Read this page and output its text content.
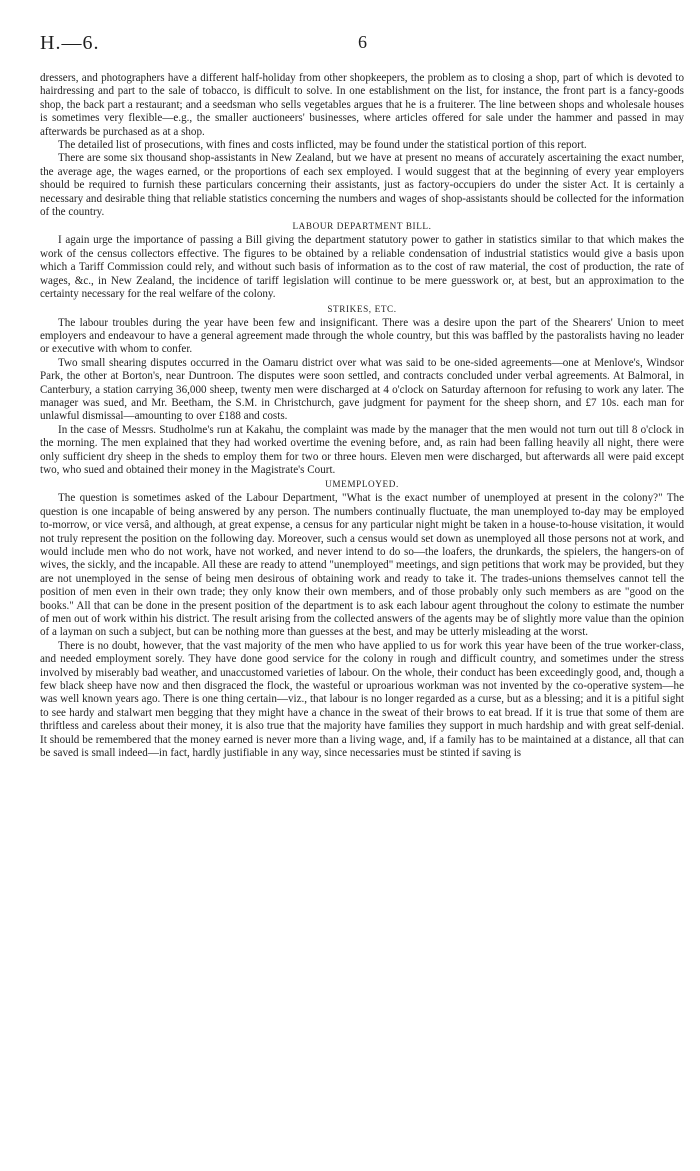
H.—6.	6

dressers, and photographers have a different half-holiday from other shopkeepers, the problem as to closing a shop, part of which is devoted to hairdressing and part to the sale of tobacco, is difficult to solve. In one establishment on the list, for instance, the front part is a fancy-goods shop, the back part a restaurant; and a seedsman who sells vegetables argues that he is a fruiterer. The line between shops and wholesale houses is sometimes very flexible—e.g., the smaller auctioneers' businesses, where articles offered for sale under the hammer and passed in may afterwards be purchased as at a shop.

The detailed list of prosecutions, with fines and costs inflicted, may be found under the statistical portion of this report.

There are some six thousand shop-assistants in New Zealand, but we have at present no means of accurately ascertaining the exact number, the average age, the wages earned, or the proportions of each sex employed. I would suggest that at the beginning of every year employers should be required to furnish these particulars concerning their assistants, just as factory-occupiers do under the sister Act. It is certainly a necessary and desirable thing that reliable statistics concerning the numbers and wages of shop-assistants should be collected for the information of the country.

LABOUR DEPARTMENT BILL.

I again urge the importance of passing a Bill giving the department statutory power to gather in statistics similar to that which makes the work of the census collectors effective. The figures to be obtained by a reliable condensation of industrial statistics would give a basis upon which a Tariff Commission could rely, and without such basis of information as to the cost of raw material, the cost of production, the rate of wages, &c., in New Zealand, the incidence of tariff legislation will continue to be mere guesswork or, at best, but an approximation to the certainty necessary for the real welfare of the colony.

STRIKES, ETC.

The labour troubles during the year have been few and insignificant. There was a desire upon the part of the Shearers' Union to meet employers and endeavour to have a general agreement made through the whole country, but this was baffled by the pastoralists having no leader or executive with whom to confer.

Two small shearing disputes occurred in the Oamaru district over what was said to be one-sided agreements—one at Menlove's, Windsor Park, the other at Borton's, near Duntroon. The disputes were soon settled, and contracts concluded under verbal agreements. At Balmoral, in Canterbury, a station carrying 36,000 sheep, twenty men were discharged at 4 o'clock on Saturday afternoon for refusing to work any later. The manager was sued, and Mr. Beetham, the S.M. in Christchurch, gave judgment for payment for the sheep shorn, and £7 10s. each man for unlawful dismissal—amounting to over £188 and costs.

In the case of Messrs. Studholme's run at Kakahu, the complaint was made by the manager that the men would not turn out till 8 o'clock in the morning. The men explained that they had worked overtime the evening before, and, as rain had been falling heavily all night, there were only sufficient dry sheep in the sheds to employ them for two or three hours. Eleven men were discharged, but afterwards all were paid except two, who sued and obtained their money in the Magistrate's Court.

UMEMPLOYED.

The question is sometimes asked of the Labour Department, "What is the exact number of unemployed at present in the colony?" The question is one incapable of being answered by any person. The numbers continually fluctuate, the man unemployed to-day may be employed to-morrow, or vice versâ, and although, at great expense, a census for any particular night might be taken in a house-to-house visitation, it would not truly represent the position on the following day. Moreover, such a census would set down as unemployed all those persons not at work, and would include men who do not work, have not worked, and never intend to do so—the loafers, the drunkards, the spielers, the hangers-on of wives, the sickly, and the incapable. All these are ready to attend "unemployed" meetings, and sign petitions that work may be provided, but they are not unemployed in the sense of being men desirous of obtaining work and ready to take it. The trades-unions themselves cannot tell the position of men even in their own trade; they only know their own members, and of those probably only such members as are "good on the books." All that can be done in the present position of the department is to ask each labour agent throughout the colony to estimate the number of men out of work within his district. The result arising from the collected answers of the agents may be of slightly more value than the opinion of a layman on such a subject, but can be nothing more than guesses at the best, and may be utterly misleading at the worst.

There is no doubt, however, that the vast majority of the men who have applied to us for work this year have been of the true worker-class, and needed employment sorely. They have done good service for the colony in rough and difficult country, and sometimes under the stress involved by miserably bad weather, and unaccustomed varieties of labour. On the whole, their conduct has been exceedingly good, and, though a few black sheep have now and then disgraced the flock, the wasteful or uproarious workman was not invented by the co-operative system—he was well known years ago. There is one thing certain—viz., that labour is no longer regarded as a curse, but as a blessing; and it is a pitiful sight to see hardy and stalwart men begging that they might have a chance in the sweat of their brows to eat bread. If it is true that some of them are thriftless and careless about their money, it is also true that the majority have families they support in much hardship and with great self-denial. It should be remembered that the money earned is never more than a living wage, and, if a family has to be maintained at a distance, all that can be saved is small indeed—in fact, hardly justifiable in any way, since necessaries must be stinted if saving is
